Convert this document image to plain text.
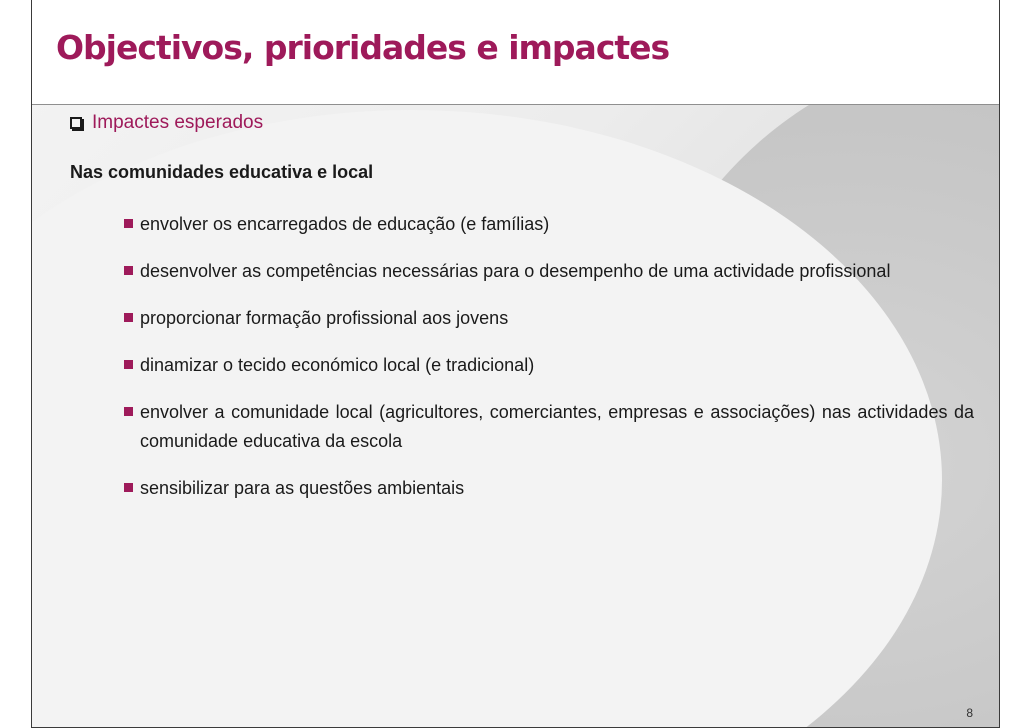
Objectivos, prioridades e impactes
Impactes esperados
Nas comunidades educativa e local
envolver os encarregados de educação (e famílias)
desenvolver as competências necessárias para o desempenho de uma actividade profissional
proporcionar formação profissional aos jovens
dinamizar o tecido económico local (e tradicional)
envolver a comunidade local (agricultores, comerciantes, empresas e associações) nas actividades da comunidade educativa da escola
sensibilizar para as questões ambientais
8
